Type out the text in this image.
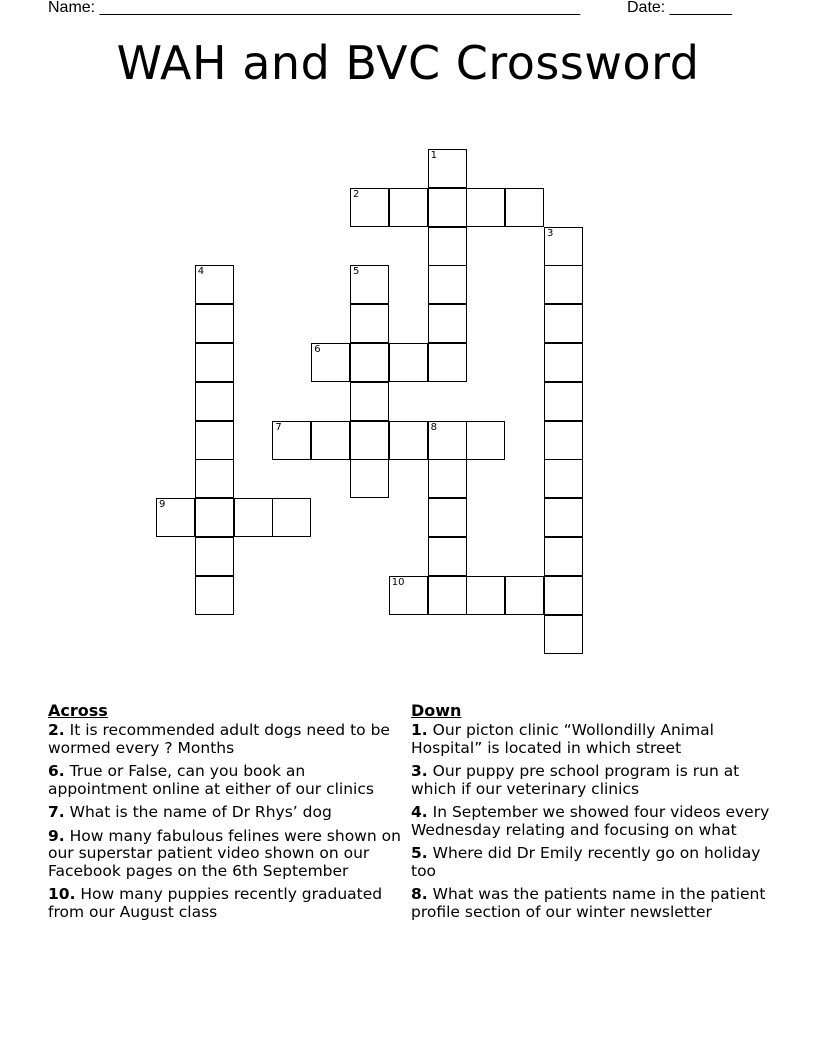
Name: ______________________________________________________	Date: _______
WAH and BVC Crossword
1
2
3
4	5
6
7	8
9
10
Across
2. It is recommended adult dogs need to be wormed every ? Months
6. True or False, can you book an appointment online at either of our clinics
7. What is the name of Dr Rhys’ dog
9. How many fabulous felines were shown on our superstar patient video shown on our Facebook pages on the 6th September
10. How many puppies recently graduated from our August class
Down
1. Our picton clinic “Wollondilly Animal Hospital” is located in which street
3. Our puppy pre school program is run at which if our veterinary clinics
4. In September we showed four videos every Wednesday relating and focusing on what
5. Where did Dr Emily recently go on holiday too
8. What was the patients name in the patient profile section of our winter newsletter
